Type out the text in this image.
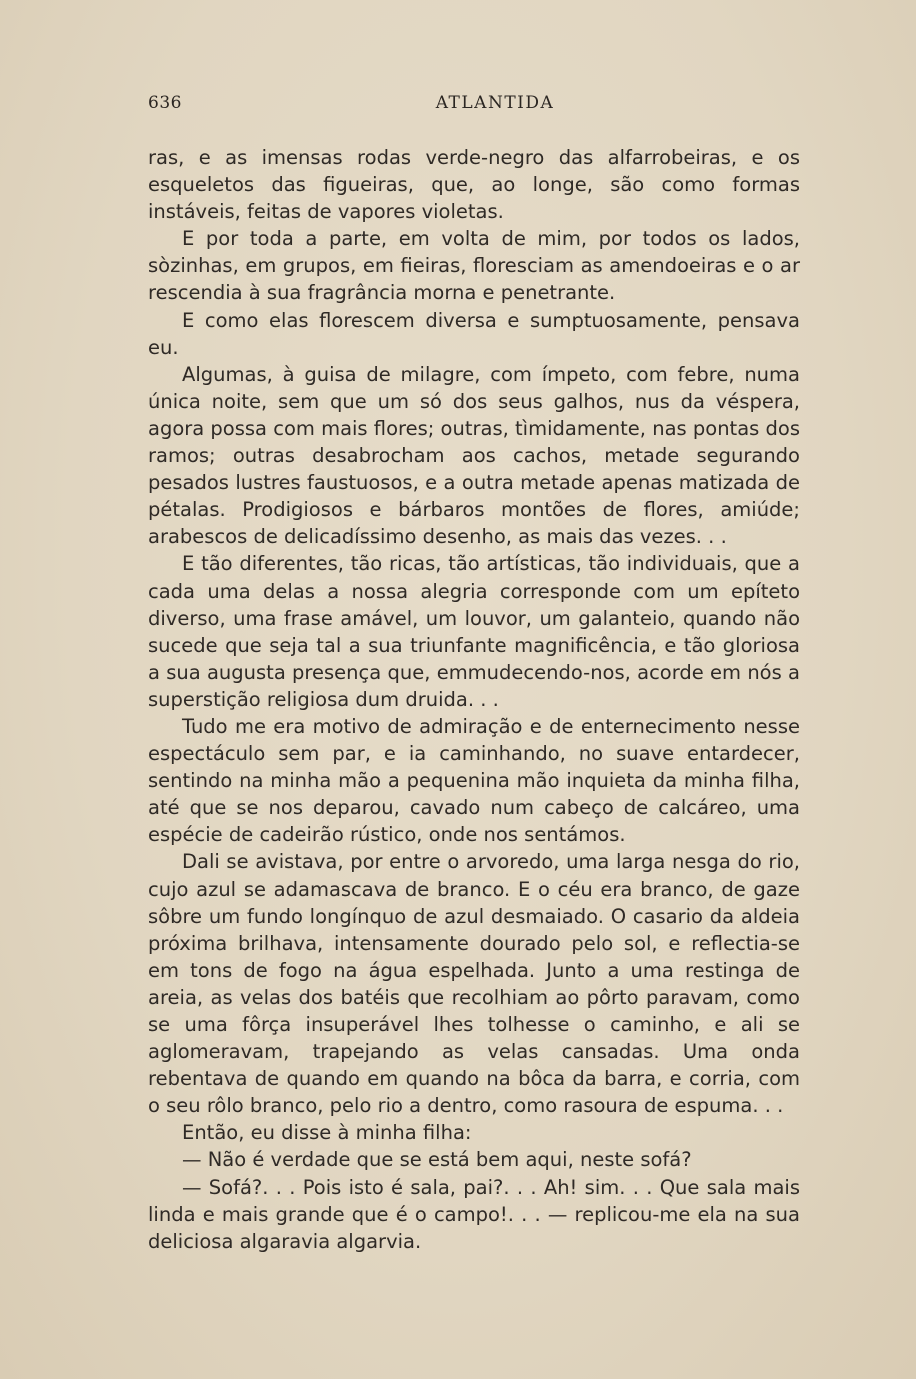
636	ATLANTIDA

ras, e as imensas rodas verde-negro das alfarrobeiras, e os esqueletos das figueiras, que, ao longe, são como formas instáveis, feitas de vapores violetas.

E por toda a parte, em volta de mim, por todos os lados, sòzinhas, em grupos, em fieiras, floresciam as amendoeiras e o ar rescendia à sua fragrância morna e penetrante.

E como elas florescem diversa e sumptuosamente, pensava eu.

Algumas, à guisa de milagre, com ímpeto, com febre, numa única noite, sem que um só dos seus galhos, nus da véspera, agora possa com mais flores; outras, tìmidamente, nas pontas dos ramos; outras desabrocham aos cachos, metade segurando pesados lustres faustuosos, e a outra metade apenas matizada de pétalas. Prodigiosos e bárbaros montões de flores, amiúde; arabescos de delicadíssimo desenho, as mais das vezes. . .

E tão diferentes, tão ricas, tão artísticas, tão individuais, que a cada uma delas a nossa alegria corresponde com um epíteto diverso, uma frase amável, um louvor, um galanteio, quando não sucede que seja tal a sua triunfante magnificência, e tão gloriosa a sua augusta presença que, emmudecendo-nos, acorde em nós a superstição religiosa dum druida. . .

Tudo me era motivo de admiração e de enternecimento nesse espectáculo sem par, e ia caminhando, no suave entardecer, sentindo na minha mão a pequenina mão inquieta da minha filha, até que se nos deparou, cavado num cabeço de calcáreo, uma espécie de cadeirão rústico, onde nos sentámos.

Dali se avistava, por entre o arvoredo, uma larga nesga do rio, cujo azul se adamascava de branco. E o céu era branco, de gaze sôbre um fundo longínquo de azul desmaiado. O casario da aldeia próxima brilhava, intensamente dourado pelo sol, e reflectia-se em tons de fogo na água espelhada. Junto a uma restinga de areia, as velas dos batéis que recolhiam ao pôrto paravam, como se uma fôrça insuperável lhes tolhesse o caminho, e ali se aglomeravam, trapejando as velas cansadas. Uma onda rebentava de quando em quando na bôca da barra, e corria, com o seu rôlo branco, pelo rio a dentro, como rasoura de espuma. . .

Então, eu disse à minha filha:

— Não é verdade que se está bem aqui, neste sofá?

— Sofá?. . . Pois isto é sala, pai?. . . Ah! sim. . . Que sala mais linda e mais grande que é o campo!. . . — replicou-me ela na sua deliciosa algaravia algarvia.
